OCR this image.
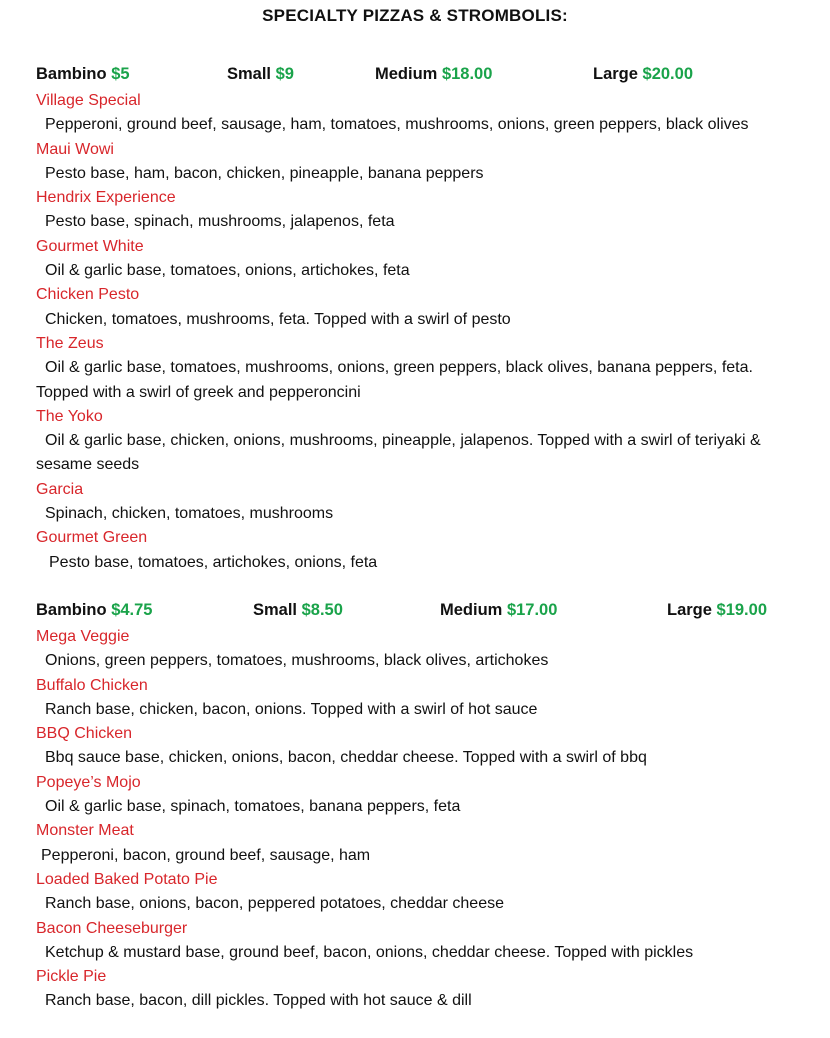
SPECIALTY PIZZAS & STROMBOLIS:
Bambino $5	Small $9	Medium $18.00	Large $20.00
Village Special
Pepperoni, ground beef, sausage, ham, tomatoes, mushrooms, onions, green peppers, black olives
Maui Wowi
Pesto base, ham, bacon, chicken, pineapple, banana peppers
Hendrix Experience
Pesto base, spinach, mushrooms, jalapenos, feta
Gourmet White
Oil & garlic base, tomatoes, onions, artichokes, feta
Chicken Pesto
Chicken, tomatoes, mushrooms, feta. Topped with a swirl of pesto
The Zeus
Oil & garlic base, tomatoes, mushrooms, onions, green peppers, black olives, banana peppers, feta. Topped with a swirl of greek and pepperoncini
The Yoko
Oil & garlic base, chicken, onions, mushrooms, pineapple, jalapenos. Topped with a swirl of teriyaki & sesame seeds
Garcia
Spinach, chicken, tomatoes, mushrooms
Gourmet Green
Pesto base, tomatoes, artichokes, onions, feta
Bambino $4.75	Small $8.50	Medium $17.00	Large $19.00
Mega Veggie
Onions, green peppers, tomatoes, mushrooms, black olives, artichokes
Buffalo Chicken
Ranch base, chicken, bacon, onions. Topped with a swirl of hot sauce
BBQ Chicken
Bbq sauce base, chicken, onions, bacon, cheddar cheese. Topped with a swirl of bbq
Popeye’s Mojo
Oil & garlic base, spinach, tomatoes, banana peppers, feta
Monster Meat
Pepperoni, bacon, ground beef, sausage, ham
Loaded Baked Potato Pie
Ranch base, onions, bacon, peppered potatoes, cheddar cheese
Bacon Cheeseburger
Ketchup & mustard base, ground beef, bacon, onions, cheddar cheese. Topped with pickles
Pickle Pie
Ranch base, bacon, dill pickles. Topped with hot sauce & dill
